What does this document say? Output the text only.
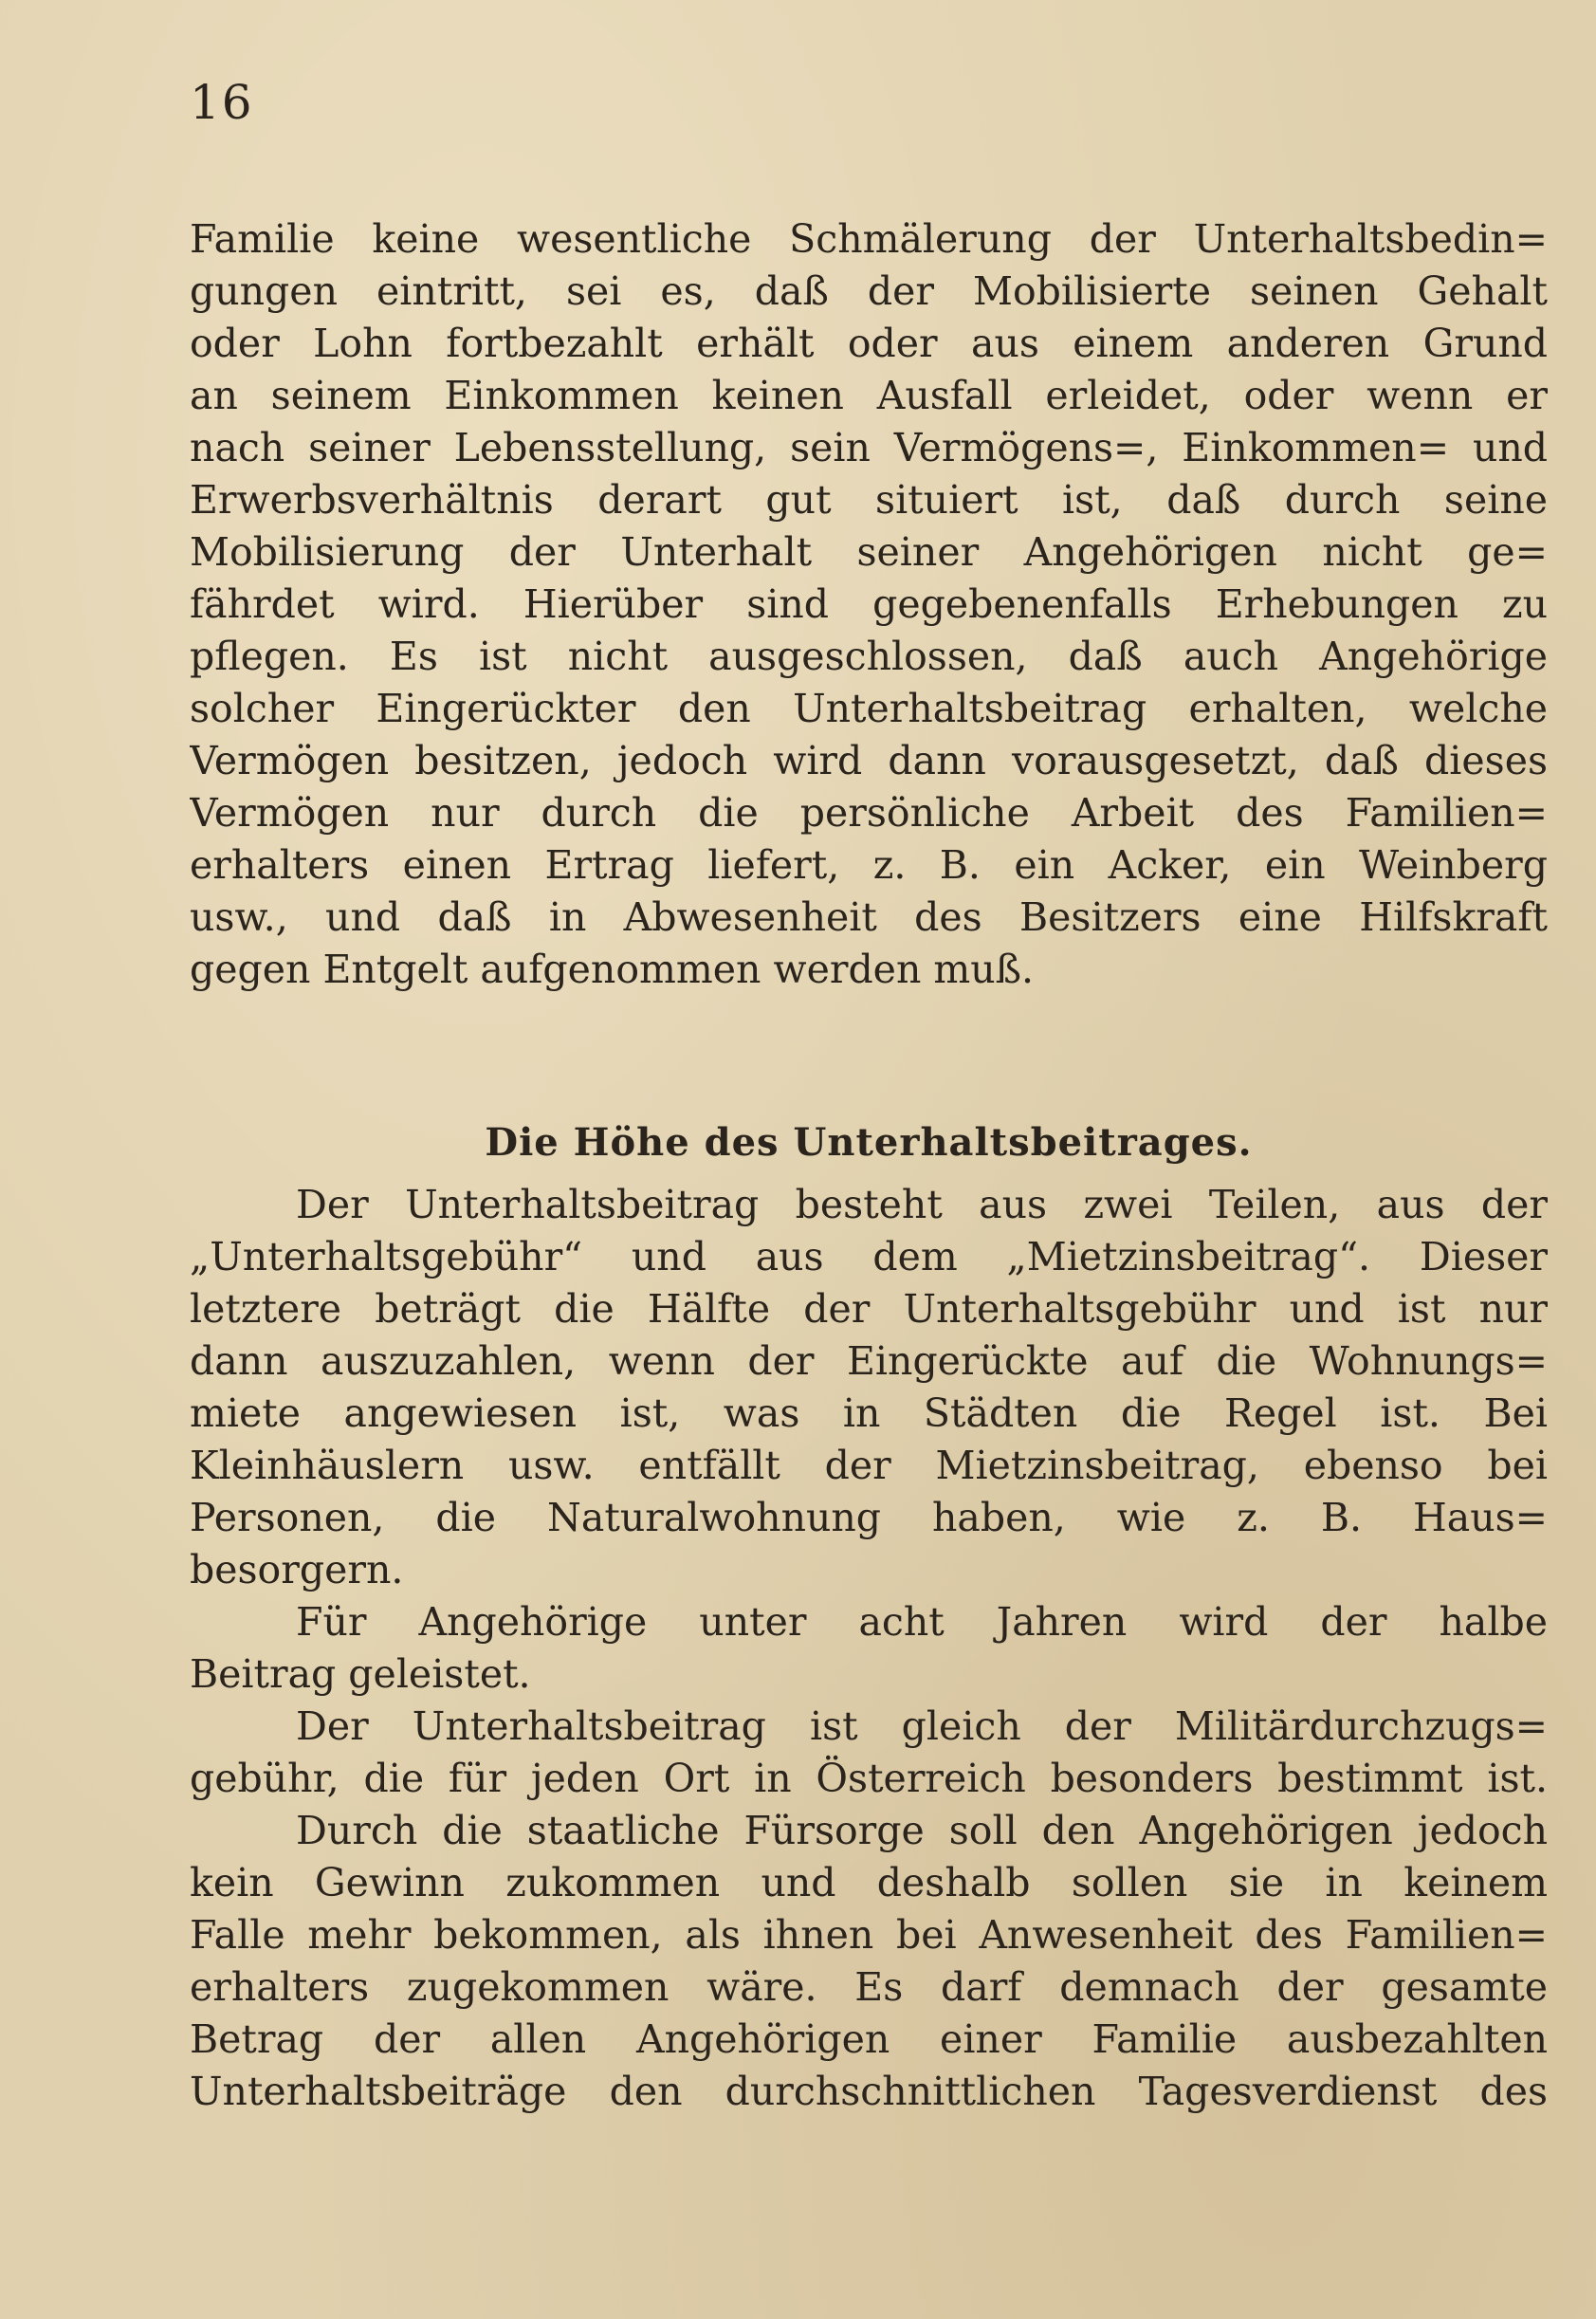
16
Familie keine wesentliche Schmälerung der Unterhaltsbedin=
gungen eintritt, sei es, daß der Mobilisierte seinen Gehalt
oder Lohn fortbezahlt erhält oder aus einem anderen Grund
an seinem Einkommen keinen Ausfall erleidet, oder wenn er
nach seiner Lebensstellung, sein Vermögens=, Einkommen= und
Erwerbsverhältnis derart gut situiert ist, daß durch seine
Mobilisierung der Unterhalt seiner Angehörigen nicht ge=
fährdet wird. Hierüber sind gegebenenfalls Erhebungen zu
pflegen. Es ist nicht ausgeschlossen, daß auch Angehörige
solcher Eingerückter den Unterhaltsbeitrag erhalten, welche
Vermögen besitzen, jedoch wird dann vorausgesetzt, daß dieses
Vermögen nur durch die persönliche Arbeit des Familien=
erhalters einen Ertrag liefert, z. B. ein Acker, ein Weinberg
usw., und daß in Abwesenheit des Besitzers eine Hilfskraft
gegen Entgelt aufgenommen werden muß.
Die Höhe des Unterhaltsbeitrages.
Der Unterhaltsbeitrag besteht aus zwei Teilen, aus der
„Unterhaltsgebühr“ und aus dem „Mietzinsbeitrag“. Dieser
letztere beträgt die Hälfte der Unterhaltsgebühr und ist nur
dann auszuzahlen, wenn der Eingerückte auf die Wohnungs=
miete angewiesen ist, was in Städten die Regel ist. Bei
Kleinhäuslern usw. entfällt der Mietzinsbeitrag, ebenso bei
Personen, die Naturalwohnung haben, wie z. B. Haus=
besorgern.
Für Angehörige unter acht Jahren wird der halbe
Beitrag geleistet.
Der Unterhaltsbeitrag ist gleich der Militärdurchzugs=
gebühr, die für jeden Ort in Österreich besonders bestimmt ist.
Durch die staatliche Fürsorge soll den Angehörigen jedoch
kein Gewinn zukommen und deshalb sollen sie in keinem
Falle mehr bekommen, als ihnen bei Anwesenheit des Familien=
erhalters zugekommen wäre. Es darf demnach der gesamte
Betrag der allen Angehörigen einer Familie ausbezahlten
Unterhaltsbeiträge den durchschnittlichen Tagesverdienst des
